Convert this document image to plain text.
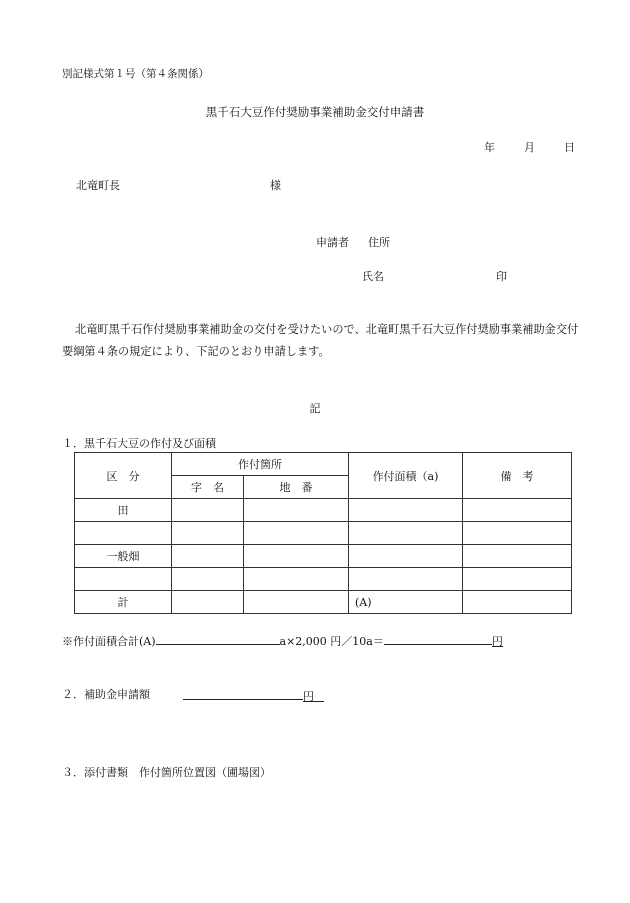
別記様式第１号（第４条関係）
黒千石大豆作付奨励事業補助金交付申請書
年	月	日
北竜町長	様
申請者 住所
氏名	印
北竜町黒千石作付奨励事業補助金の交付を受けたいので、北竜町黒千石大豆作付奨励事業補助金交付要綱第４条の規定により、下記のとおり申請します。
記
１．黒千石大豆の作付及び面積
区　分	作付箇所		作付面積（a)	備　考
	字　名	地　番		
田				

一般畑				

計			(A)	
※作付面積合計(A)	a×2,000 円／10a＝	円
２．補助金申請額	円
３．添付書類　作付箇所位置図（圃場図）
